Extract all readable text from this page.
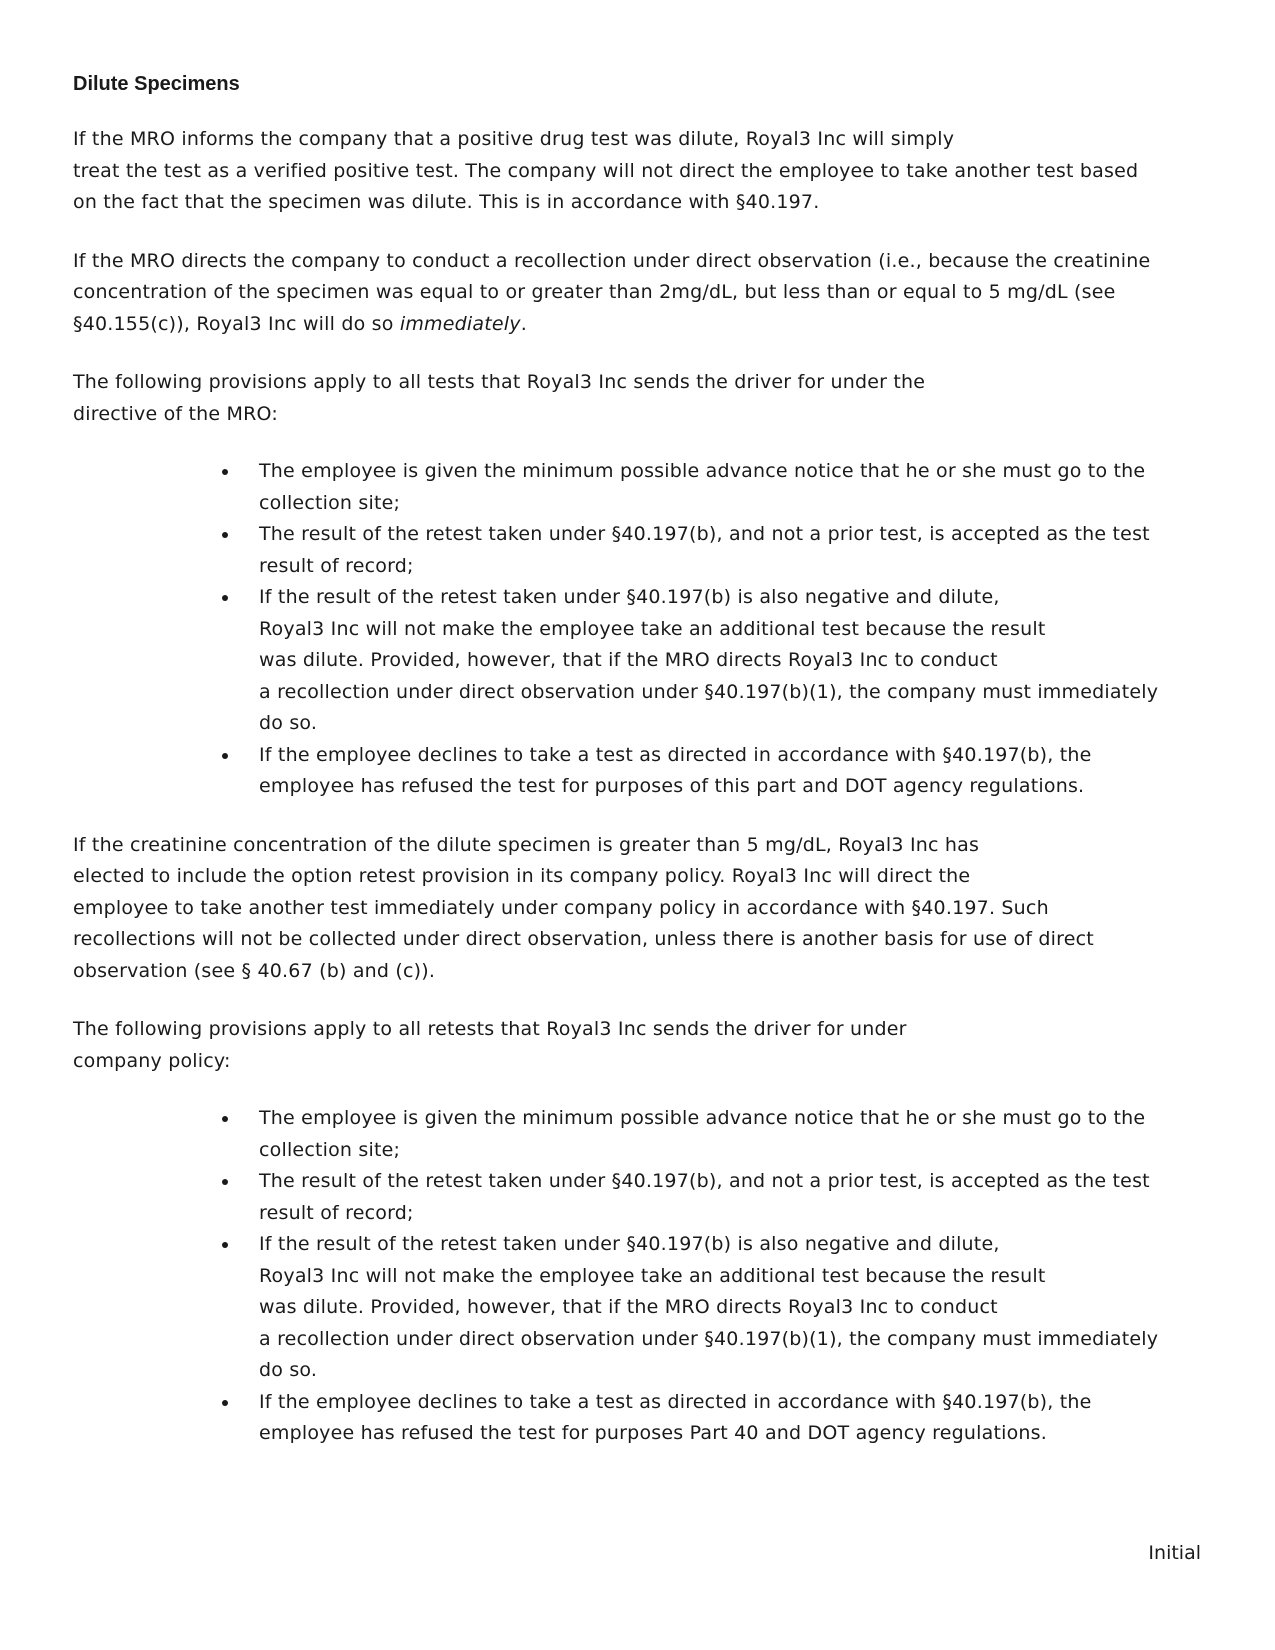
Dilute Specimens

If the MRO informs the company that a positive drug test was dilute, Royal3 Inc will simply
treat the test as a verified positive test. The company will not direct the employee to take another test based
on the fact that the specimen was dilute. This is in accordance with §40.197.

If the MRO directs the company to conduct a recollection under direct observation (i.e., because the creatinine
concentration of the specimen was equal to or greater than 2mg/dL, but less than or equal to 5 mg/dL (see
§40.155(c)), Royal3 Inc will do so immediately.

The following provisions apply to all tests that Royal3 Inc sends the driver for under the
directive of the MRO:

The employee is given the minimum possible advance notice that he or she must go to the
collection site;
The result of the retest taken under §40.197(b), and not a prior test, is accepted as the test
result of record;
If the result of the retest taken under §40.197(b) is also negative and dilute,
Royal3 Inc will not make the employee take an additional test because the result
was dilute. Provided, however, that if the MRO directs Royal3 Inc to conduct
a recollection under direct observation under §40.197(b)(1), the company must immediately
do so.
If the employee declines to take a test as directed in accordance with §40.197(b), the
employee has refused the test for purposes of this part and DOT agency regulations.

If the creatinine concentration of the dilute specimen is greater than 5 mg/dL, Royal3 Inc has
elected to include the option retest provision in its company policy. Royal3 Inc will direct the
employee to take another test immediately under company policy in accordance with §40.197. Such
recollections will not be collected under direct observation, unless there is another basis for use of direct
observation (see § 40.67 (b) and (c)).

The following provisions apply to all retests that Royal3 Inc sends the driver for under
company policy:

The employee is given the minimum possible advance notice that he or she must go to the
collection site;
The result of the retest taken under §40.197(b), and not a prior test, is accepted as the test
result of record;
If the result of the retest taken under §40.197(b) is also negative and dilute,
Royal3 Inc will not make the employee take an additional test because the result
was dilute. Provided, however, that if the MRO directs Royal3 Inc to conduct
a recollection under direct observation under §40.197(b)(1), the company must immediately
do so.
If the employee declines to take a test as directed in accordance with §40.197(b), the
employee has refused the test for purposes Part 40 and DOT agency regulations.
Initial
